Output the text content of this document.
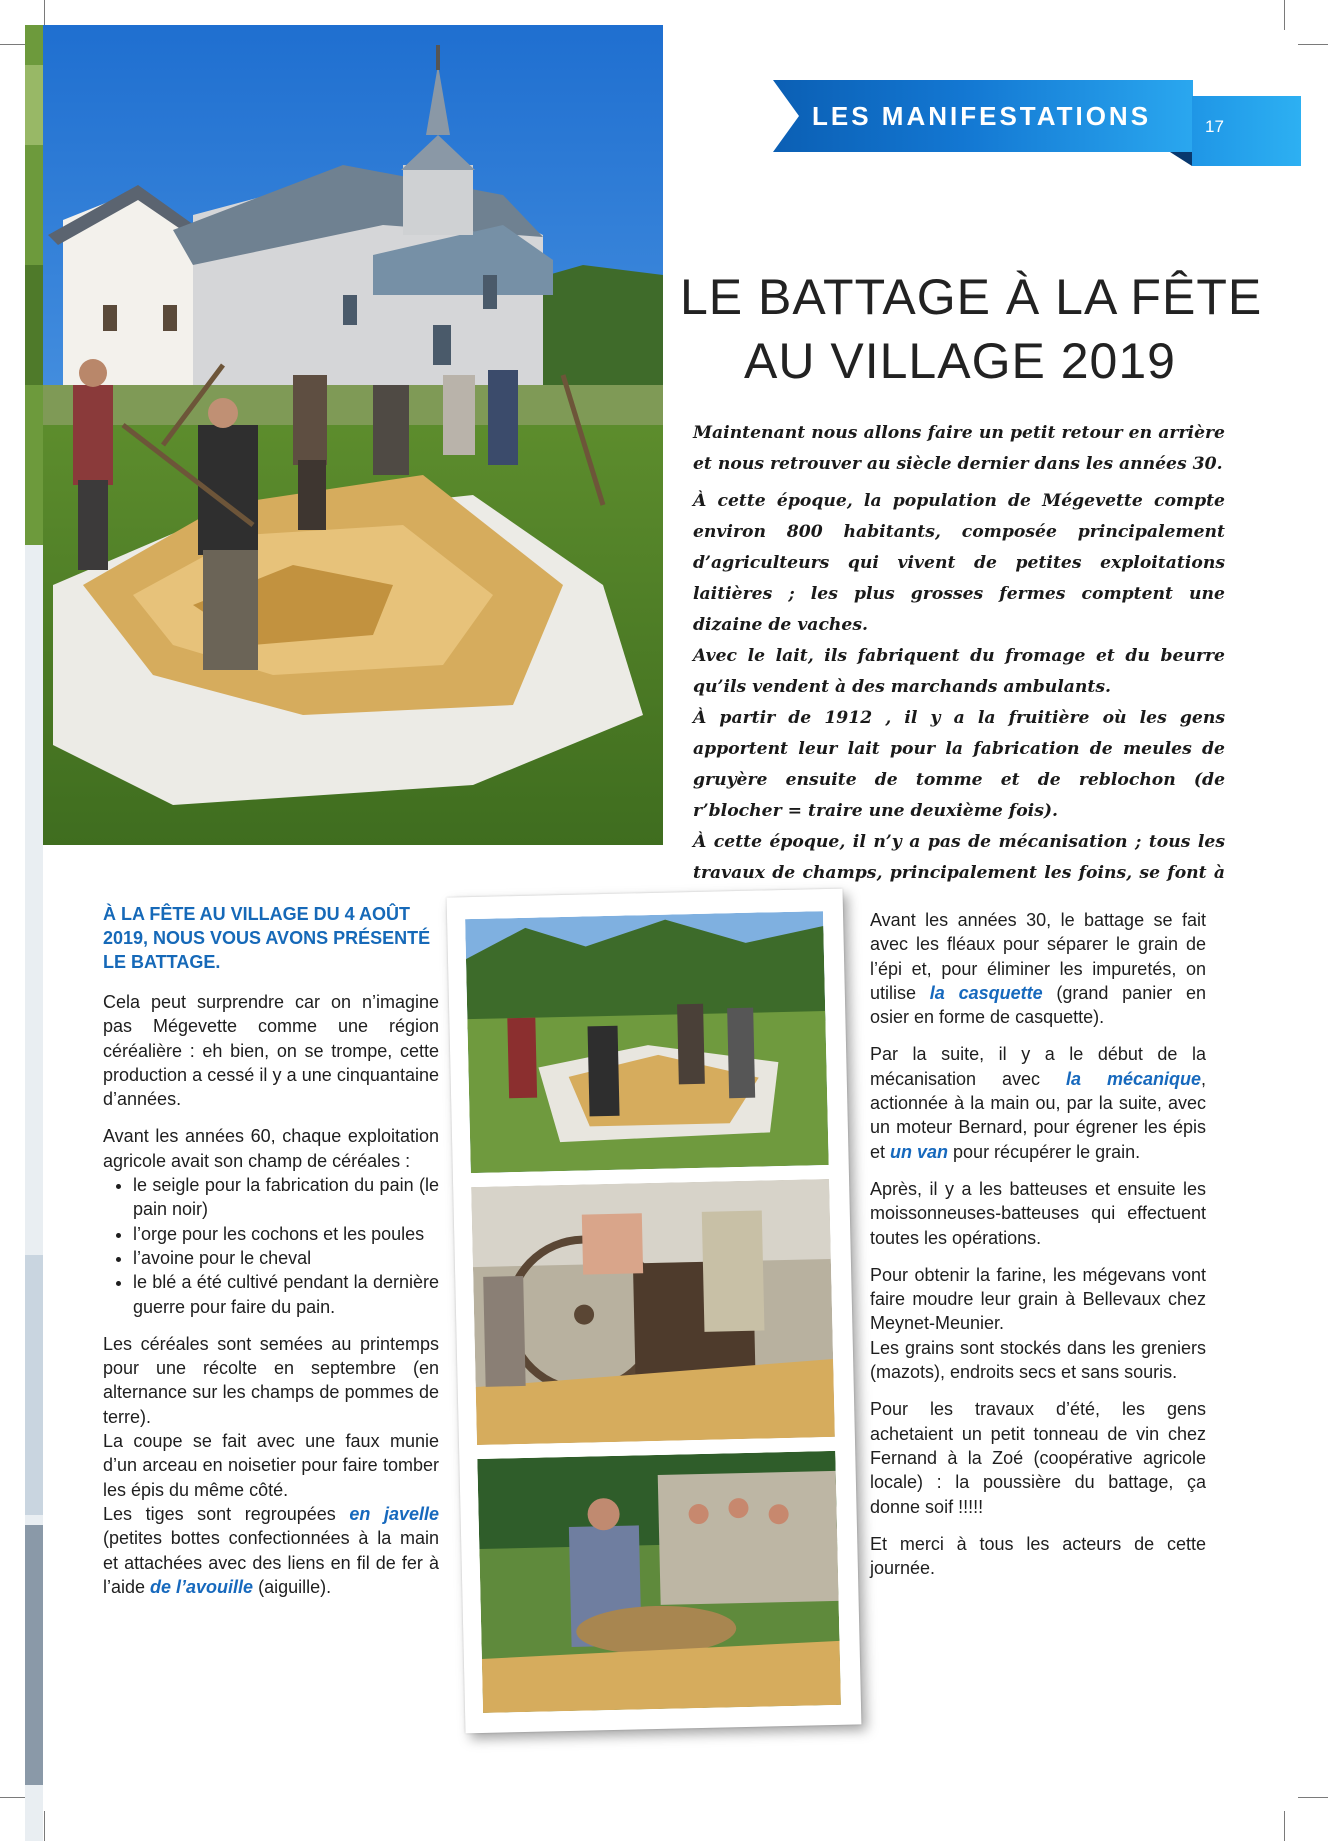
LES MANIFESTATIONS	17
LE BATTAGE À LA FÊTE
AU VILLAGE 2019

Maintenant nous allons faire un petit retour en arrière et nous retrouver au siècle dernier dans les années 30.

À cette époque, la population de Mégevette compte environ 800 habitants, composée principalement d’agriculteurs qui vivent de petites exploitations laitières ; les plus grosses fermes comptent une dizaine de vaches.

Avec le lait, ils fabriquent du fromage et du beurre qu’ils vendent à des marchands ambulants.

À partir de 1912 , il y a la fruitière où les gens apportent leur lait pour la fabrication de meules de gruyère ensuite de tomme et de reblochon (de r’blocher = traire une deuxième fois).

À cette époque, il n’y a pas de mécanisation ; tous les travaux de champs, principalement les foins, se font à

À LA FÊTE AU VILLAGE DU 4 AOÛT 2019, NOUS VOUS AVONS PRÉSENTÉ LE BATTAGE.

Cela peut surprendre car on n’imagine pas Mégevette comme une région céréalière : eh bien, on se trompe, cette production a cessé il y a une cinquantaine d’années.

Avant les années 60, chaque exploitation agricole avait son champ de céréales :

• le seigle pour la fabrication du pain (le pain noir)
• l’orge pour les cochons et les poules
• l’avoine pour le cheval
• le blé a été cultivé pendant la dernière guerre pour faire du pain.

Les céréales sont semées au printemps pour une récolte en septembre (en alternance sur les champs de pommes de terre).

La coupe se fait avec une faux munie d’un arceau en noisetier pour faire tomber les épis du même côté.

Les tiges sont regroupées en javelle (petites bottes confectionnées à la main et attachées avec des liens en fil de fer à l’aide de l’avouille (aiguille).

Avant les années 30, le battage se fait avec les fléaux pour séparer le grain de l’épi et, pour éliminer les impuretés, on utilise la casquette (grand panier en osier en forme de casquette).

Par la suite, il y a le début de la mécanisation avec la mécanique, actionnée à la main ou, par la suite, avec un moteur Bernard, pour égrener les épis et un van pour récupérer le grain.

Après, il y a les batteuses et ensuite les moissonneuses-batteuses qui effectuent toutes les opérations.

Pour obtenir la farine, les mégevans vont faire moudre leur grain à Bellevaux chez Meynet-Meunier.

Les grains sont stockés dans les greniers (mazots), endroits secs et sans souris.

Pour les travaux d’été, les gens achetaient un petit tonneau de vin chez Fernand à la Zoé (coopérative agricole locale) : la poussière du battage, ça donne soif !!!!!

Et merci à tous les acteurs de cette journée.
